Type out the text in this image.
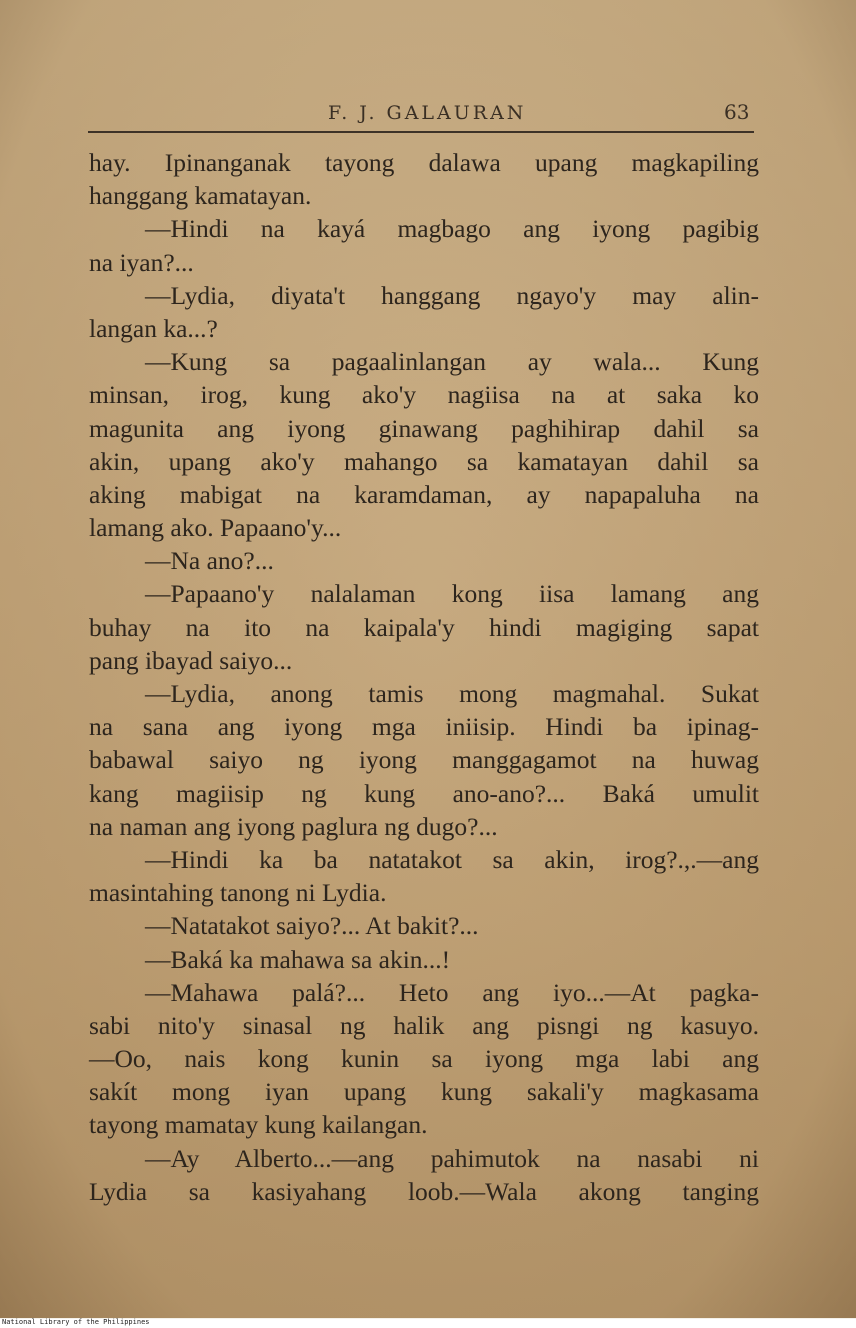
F. J. GALAURAN	63
hay. Ipinanganak tayong dalawa upang magkapiling
hanggang kamatayan.
—Hindi na kayá magbago ang iyong pagibig
na iyan?...
—Lydia, diyata't hanggang ngayo'y may alin-
langan ka...?
—Kung sa pagaalinlangan ay wala... Kung
minsan, irog, kung ako'y nagiisa na at saka ko
magunita ang iyong ginawang paghihirap dahil sa
akin, upang ako'y mahango sa kamatayan dahil sa
aking mabigat na karamdaman, ay napapaluha na
lamang ako. Papaano'y...
—Na ano?...
—Papaano'y nalalaman kong iisa lamang ang
buhay na ito na kaipala'y hindi magiging sapat
pang ibayad saiyo...
—Lydia, anong tamis mong magmahal. Sukat
na sana ang iyong mga iniisip. Hindi ba ipinag-
babawal saiyo ng iyong manggagamot na huwag
kang magiisip ng kung ano-ano?... Baká umulit
na naman ang iyong paglura ng dugo?...
—Hindi ka ba natatakot sa akin, irog?.,.—ang
masintahing tanong ni Lydia.
—Natatakot saiyo?... At bakit?...
—Baká ka mahawa sa akin...!
—Mahawa palá?... Heto ang iyo...—At pagka-
sabi nito'y sinasal ng halik ang pisngi ng kasuyo.
—Oo, nais kong kunin sa iyong mga labi ang
sakít mong iyan upang kung sakali'y magkasama
tayong mamatay kung kailangan.
—Ay Alberto...—ang pahimutok na nasabi ni
Lydia sa kasiyahang loob.—Wala akong tanging
National Library of the Philippines
